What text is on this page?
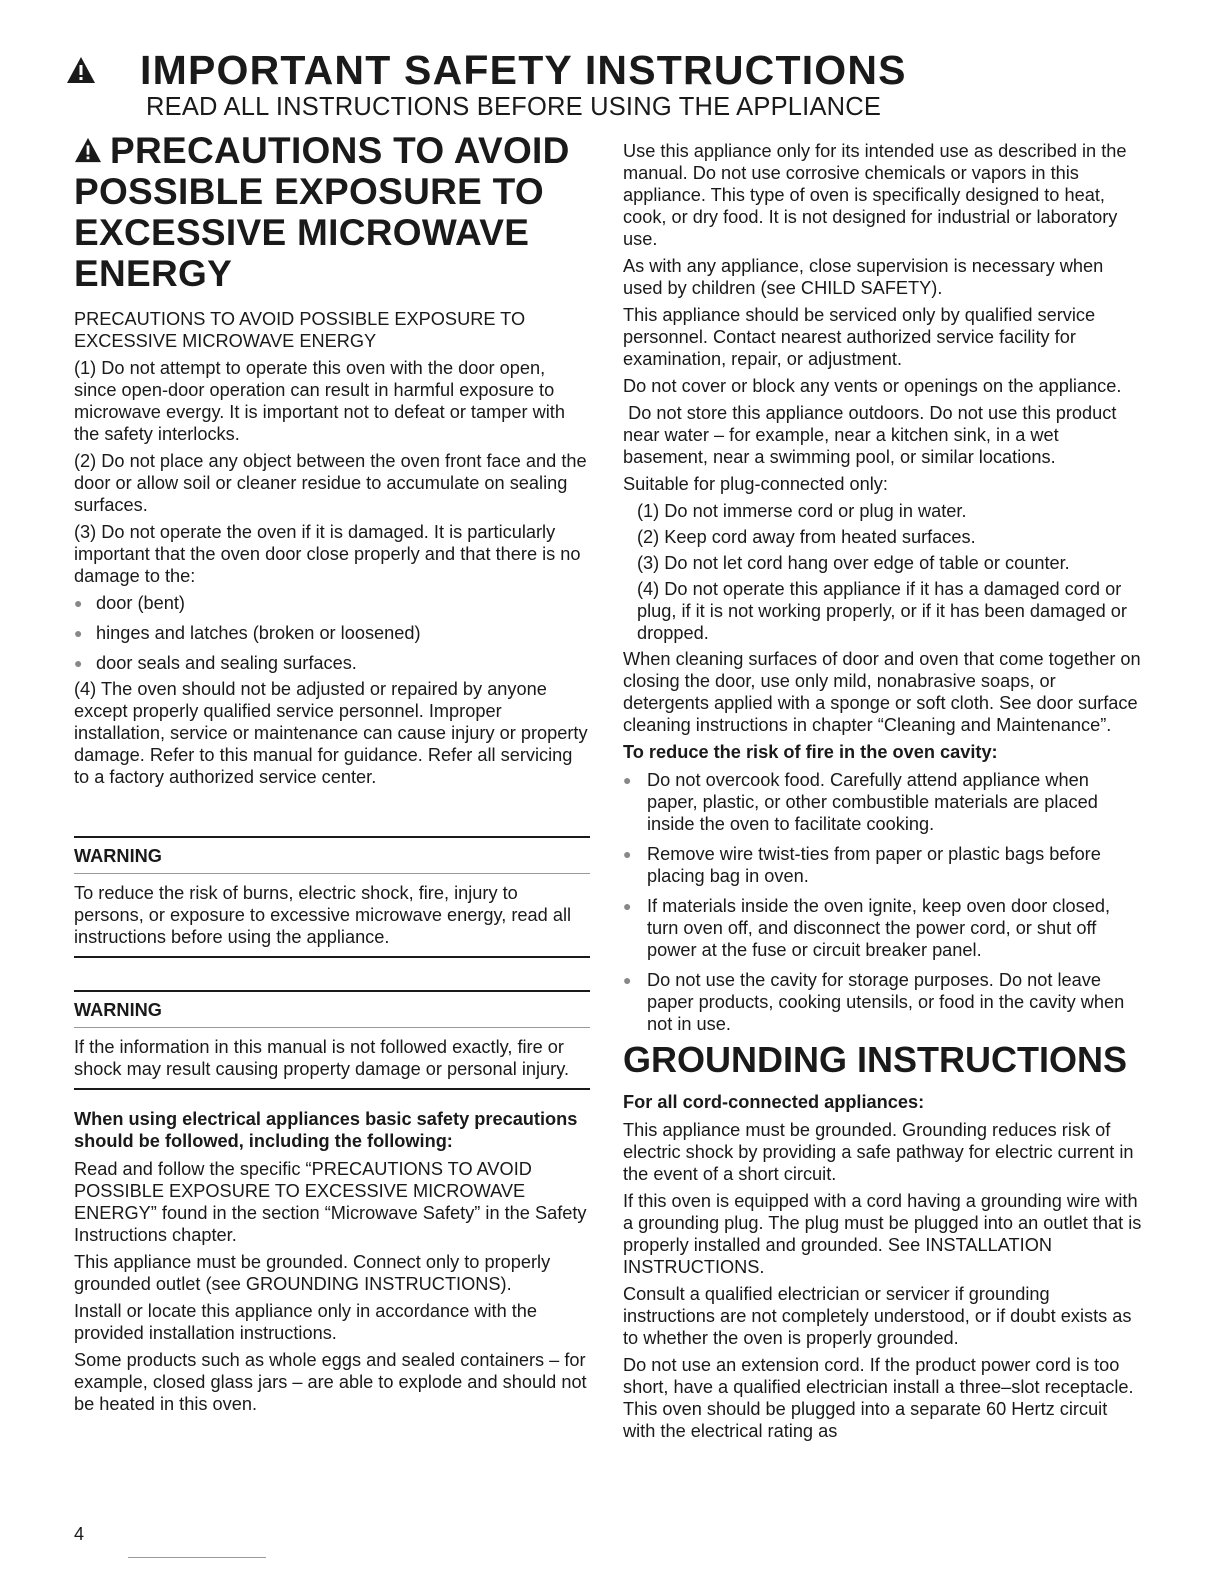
IMPORTANT SAFETY INSTRUCTIONS
READ ALL INSTRUCTIONS BEFORE USING THE APPLIANCE
PRECAUTIONS TO AVOID POSSIBLE EXPOSURE TO EXCESSIVE MICROWAVE ENERGY
PRECAUTIONS TO AVOID POSSIBLE EXPOSURE TO EXCESSIVE MICROWAVE ENERGY
(1) Do not attempt to operate this oven with the door open, since open-door operation can result in harmful exposure to microwave evergy. It is important not to defeat or tamper with the safety interlocks.
(2) Do not place any object between the oven front face and the door or allow soil or cleaner residue to accumulate on sealing surfaces.
(3) Do not operate the oven if it is damaged. It is particularly important that the oven door close properly and that there is no damage to the:
● door (bent)
● hinges and latches (broken or loosened)
● door seals and sealing surfaces.
(4) The oven should not be adjusted or repaired by anyone except properly qualified service personnel. Improper installation, service or maintenance can cause injury or property damage. Refer to this manual for guidance. Refer all servicing to a factory authorized service center.
WARNING
To reduce the risk of burns, electric shock, fire, injury to persons, or exposure to excessive microwave energy, read all instructions before using the appliance.
WARNING
If the information in this manual is not followed exactly, fire or shock may result causing property damage or personal injury.
When using electrical appliances basic safety precautions should be followed, including the following:
Read and follow the specific “PRECAUTIONS TO AVOID POSSIBLE EXPOSURE TO EXCESSIVE MICROWAVE ENERGY” found in the section “Microwave Safety” in the Safety Instructions chapter.
This appliance must be grounded. Connect only to properly grounded outlet (see GROUNDING INSTRUCTIONS).
Install or locate this appliance only in accordance with the provided installation instructions.
Some products such as whole eggs and sealed containers – for example, closed glass jars – are able to explode and should not be heated in this oven.
Use this appliance only for its intended use as described in the manual. Do not use corrosive chemicals or vapors in this appliance. This type of oven is specifically designed to heat, cook, or dry food. It is not designed for industrial or laboratory use.
As with any appliance, close supervision is necessary when used by children (see CHILD SAFETY).
This appliance should be serviced only by qualified service personnel. Contact nearest authorized service facility for examination, repair, or adjustment.
Do not cover or block any vents or openings on the appliance.
Do not store this appliance outdoors. Do not use this product near water – for example, near a kitchen sink, in a wet basement, near a swimming pool, or similar locations.
Suitable for plug-connected only:
(1) Do not immerse cord or plug in water.
(2) Keep cord away from heated surfaces.
(3) Do not let cord hang over edge of table or counter.
(4) Do not operate this appliance if it has a damaged cord or plug, if it is not working properly, or if it has been damaged or dropped.
When cleaning surfaces of door and oven that come together on closing the door, use only mild, nonabrasive soaps, or detergents applied with a sponge or soft cloth. See door surface cleaning instructions in chapter “Cleaning and Maintenance”.
To reduce the risk of fire in the oven cavity:
● Do not overcook food. Carefully attend appliance when paper, plastic, or other combustible materials are placed inside the oven to facilitate cooking.
● Remove wire twist-ties from paper or plastic bags before placing bag in oven.
● If materials inside the oven ignite, keep oven door closed, turn oven off, and disconnect the power cord, or shut off power at the fuse or circuit breaker panel.
● Do not use the cavity for storage purposes. Do not leave paper products, cooking utensils, or food in the cavity when not in use.
GROUNDING INSTRUCTIONS
For all cord-connected appliances:
This appliance must be grounded. Grounding reduces risk of electric shock by providing a safe pathway for electric current in the event of a short circuit.
If this oven is equipped with a cord having a grounding wire with a grounding plug. The plug must be plugged into an outlet that is properly installed and grounded. See INSTALLATION INSTRUCTIONS.
Consult a qualified electrician or servicer if grounding instructions are not completely understood, or if doubt exists as to whether the oven is properly grounded.
Do not use an extension cord. If the product power cord is too short, have a qualified electrician install a three–slot receptacle. This oven should be plugged into a separate 60 Hertz circuit with the electrical rating as
4
